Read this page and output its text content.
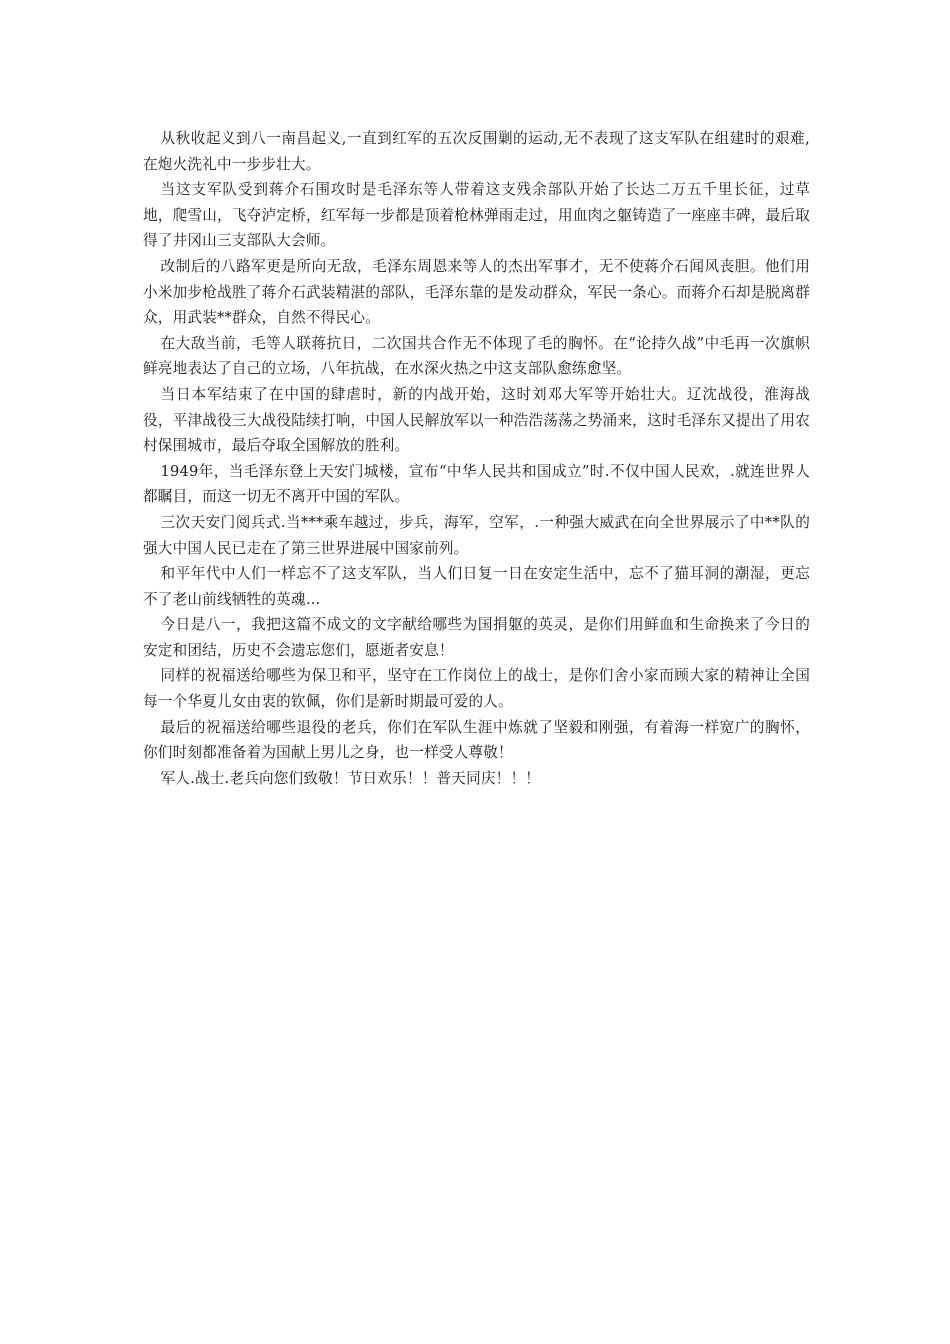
从秋收起义到八一南昌起义,一直到红军的五次反围剿的运动,无不表现了这支军队在组建时的艰难,在炮火洗礼中一步步壮大。

当这支军队受到蒋介石围攻时是毛泽东等人带着这支残余部队开始了长达二万五千里长征，过草地，爬雪山，飞夺泸定桥，红军每一步都是顶着枪林弹雨走过，用血肉之躯铸造了一座座丰碑，最后取得了井冈山三支部队大会师。

改制后的八路军更是所向无敌，毛泽东周恩来等人的杰出军事才，无不使蒋介石闻风丧胆。他们用小米加步枪战胜了蒋介石武装精湛的部队，毛泽东靠的是发动群众，军民一条心。而蒋介石却是脱离群众，用武装**群众，自然不得民心。

在大敌当前，毛等人联蒋抗日，二次国共合作无不体现了毛的胸怀。在“论持久战”中毛再一次旗帜鲜亮地表达了自己的立场，八年抗战，在水深火热之中这支部队愈练愈坚。

当日本军结束了在中国的肆虐时，新的内战开始，这时刘邓大军等开始壮大。辽沈战役，淮海战役，平津战役三大战役陆续打响，中国人民解放军以一种浩浩荡荡之势涌来，这时毛泽东又提出了用农村保围城市，最后夺取全国解放的胜利。

1949年，当毛泽东登上天安门城楼，宣布“中华人民共和国成立”时.不仅中国人民欢，.就连世界人都瞩目，而这一切无不离开中国的军队。

三次天安门阅兵式.当***乘车越过，步兵，海军，空军，.一种强大威武在向全世界展示了中**队的强大中国人民已走在了第三世界进展中国家前列。

和平年代中人们一样忘不了这支军队，当人们日复一日在安定生活中，忘不了猫耳洞的潮湿，更忘不了老山前线牺牲的英魂…

今日是八一，我把这篇不成文的文字献给哪些为国捐躯的英灵，是你们用鲜血和生命换来了今日的安定和团结，历史不会遗忘您们，愿逝者安息！

同样的祝福送给哪些为保卫和平，坚守在工作岗位上的战士，是你们舍小家而顾大家的精神让全国每一个华夏儿女由衷的钦佩，你们是新时期最可爱的人。

最后的祝福送给哪些退役的老兵，你们在军队生涯中炼就了坚毅和刚强，有着海一样宽广的胸怀，你们时刻都准备着为国献上男儿之身，也一样受人尊敬！

军人.战士.老兵向您们致敬！节日欢乐！！普天同庆！！！
